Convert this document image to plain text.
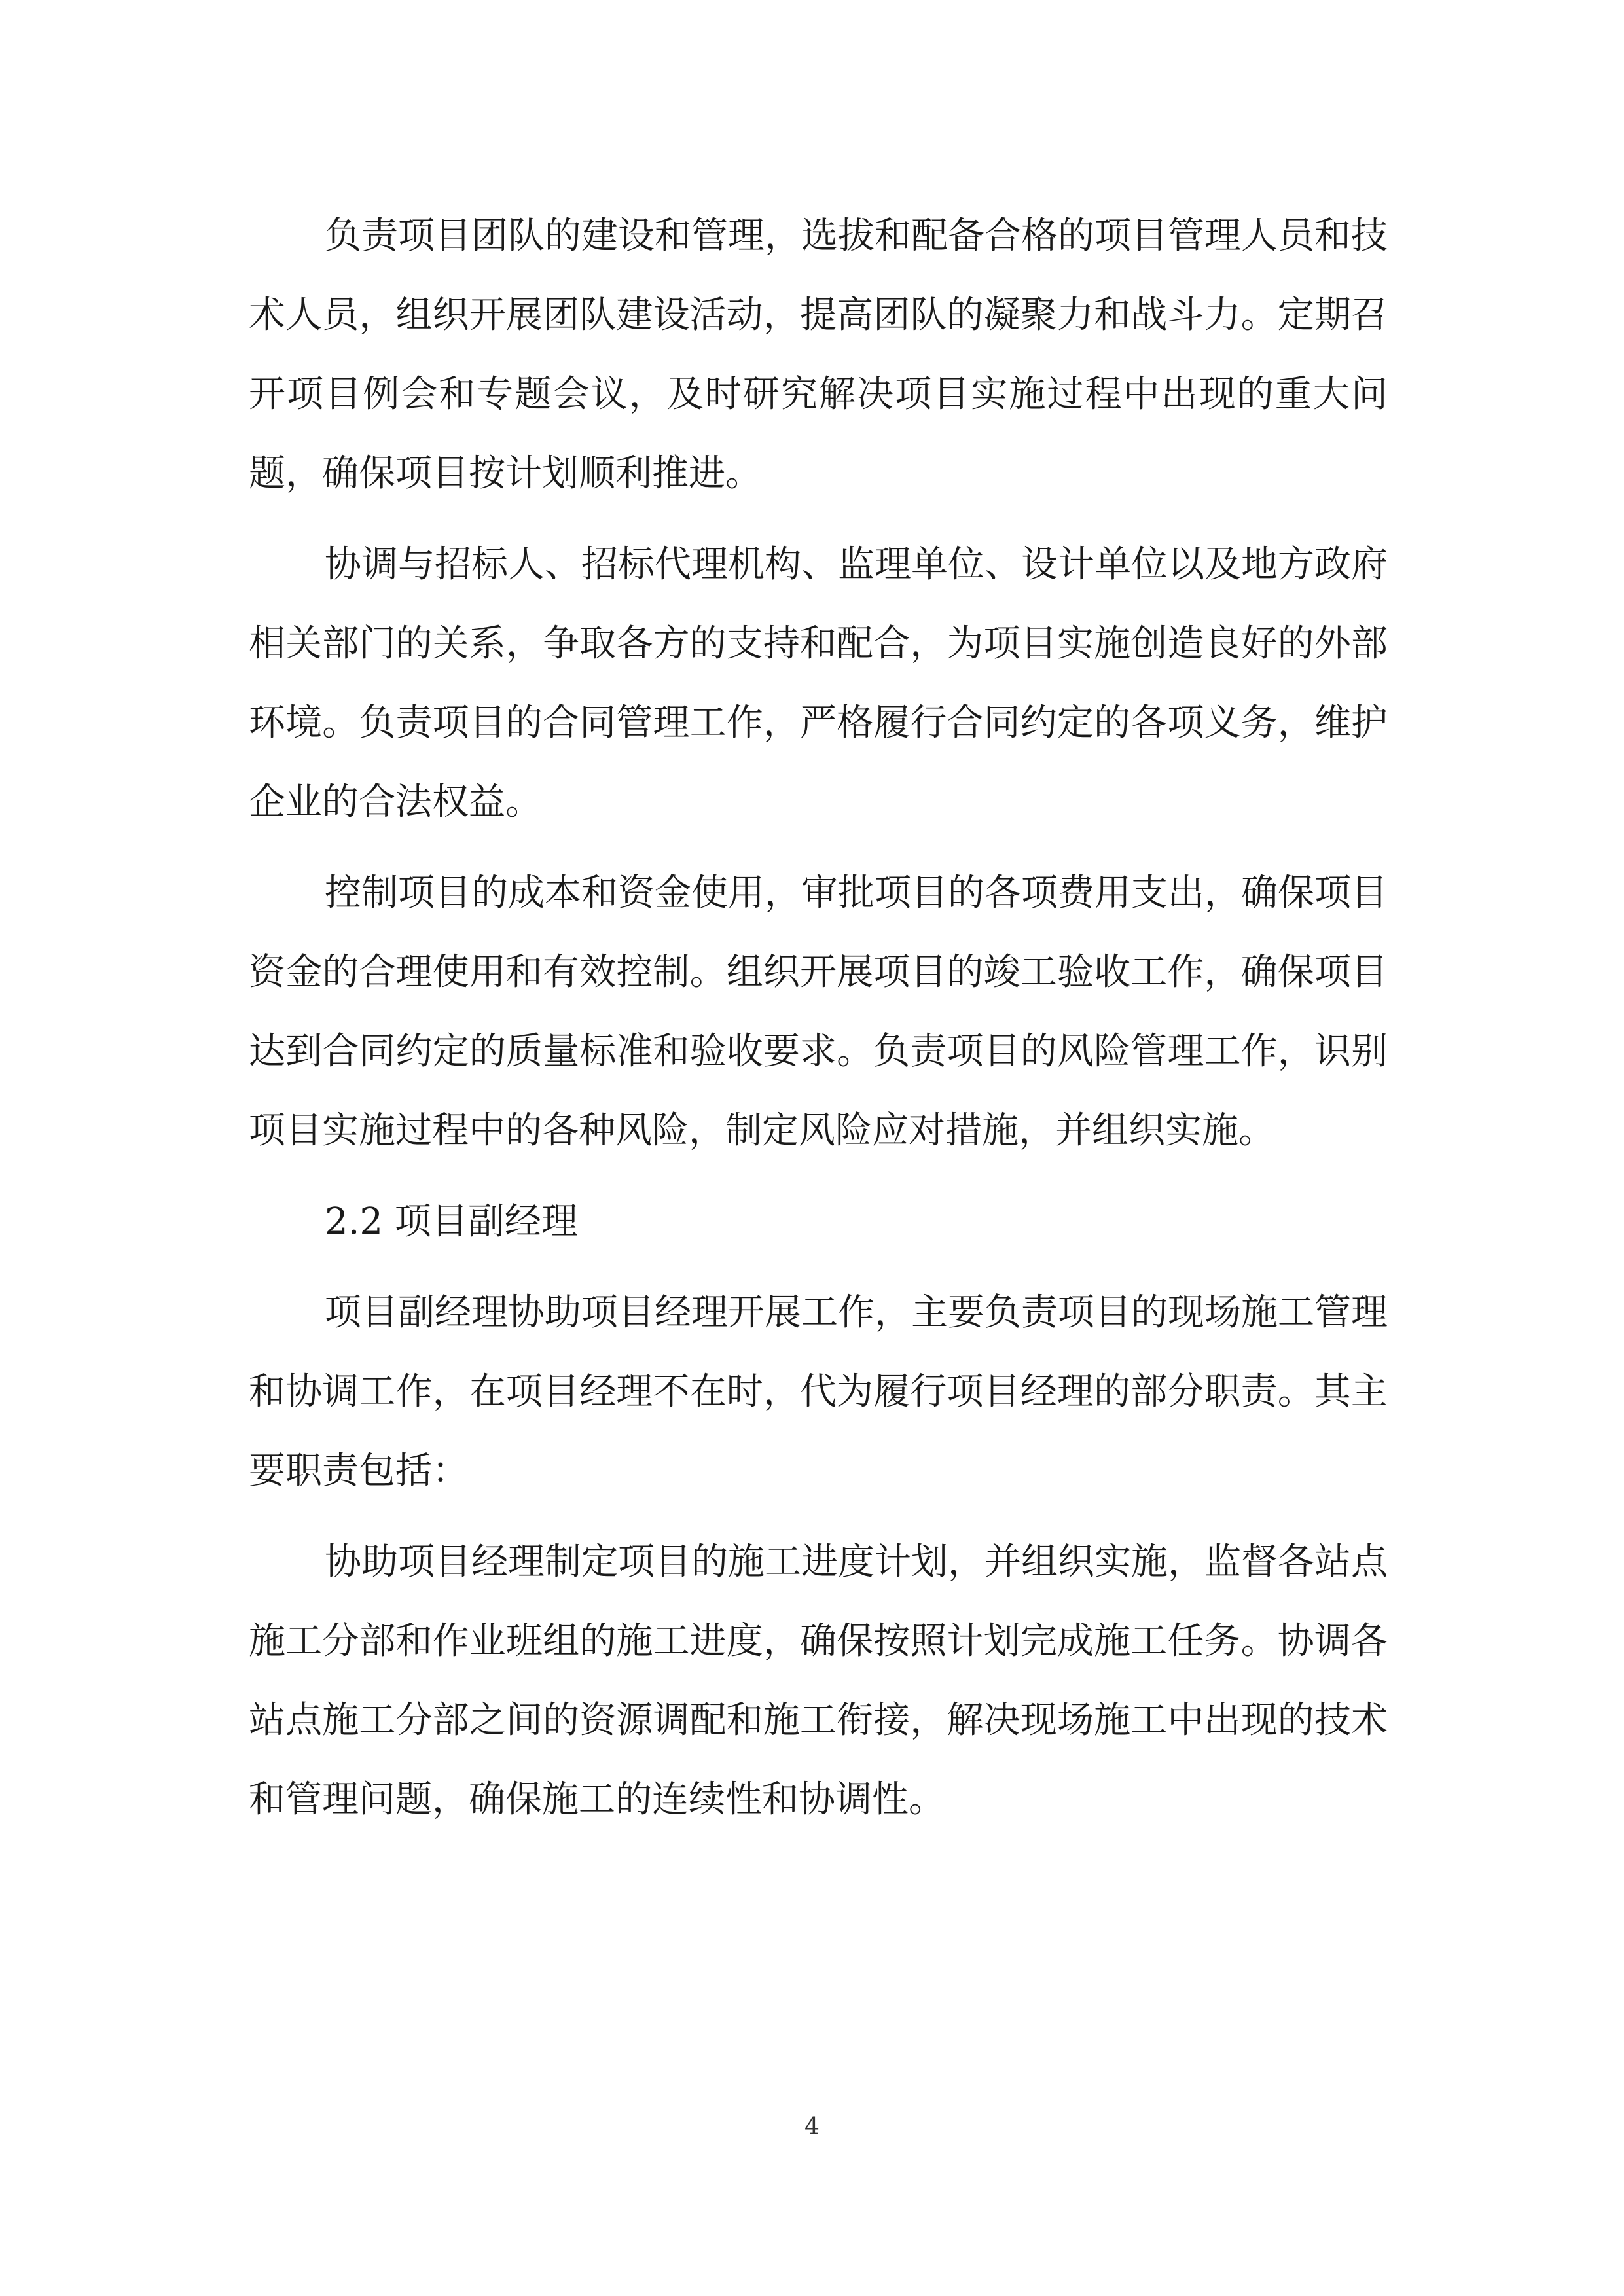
负责项目团队的建设和管理，选拔和配备合格的项目管理人员和技术人员，组织开展团队建设活动，提高团队的凝聚力和战斗力。定期召开项目例会和专题会议，及时研究解决项目实施过程中出现的重大问题，确保项目按计划顺利推进。

协调与招标人、招标代理机构、监理单位、设计单位以及地方政府相关部门的关系，争取各方的支持和配合，为项目实施创造良好的外部环境。负责项目的合同管理工作，严格履行合同约定的各项义务，维护企业的合法权益。

控制项目的成本和资金使用，审批项目的各项费用支出，确保项目资金的合理使用和有效控制。组织开展项目的竣工验收工作，确保项目达到合同约定的质量标准和验收要求。负责项目的风险管理工作，识别项目实施过程中的各种风险，制定风险应对措施，并组织实施。

2.2 项目副经理

项目副经理协助项目经理开展工作，主要负责项目的现场施工管理和协调工作，在项目经理不在时，代为履行项目经理的部分职责。其主要职责包括：

协助项目经理制定项目的施工进度计划，并组织实施，监督各站点施工分部和作业班组的施工进度，确保按照计划完成施工任务。协调各站点施工分部之间的资源调配和施工衔接，解决现场施工中出现的技术和管理问题，确保施工的连续性和协调性。

4
